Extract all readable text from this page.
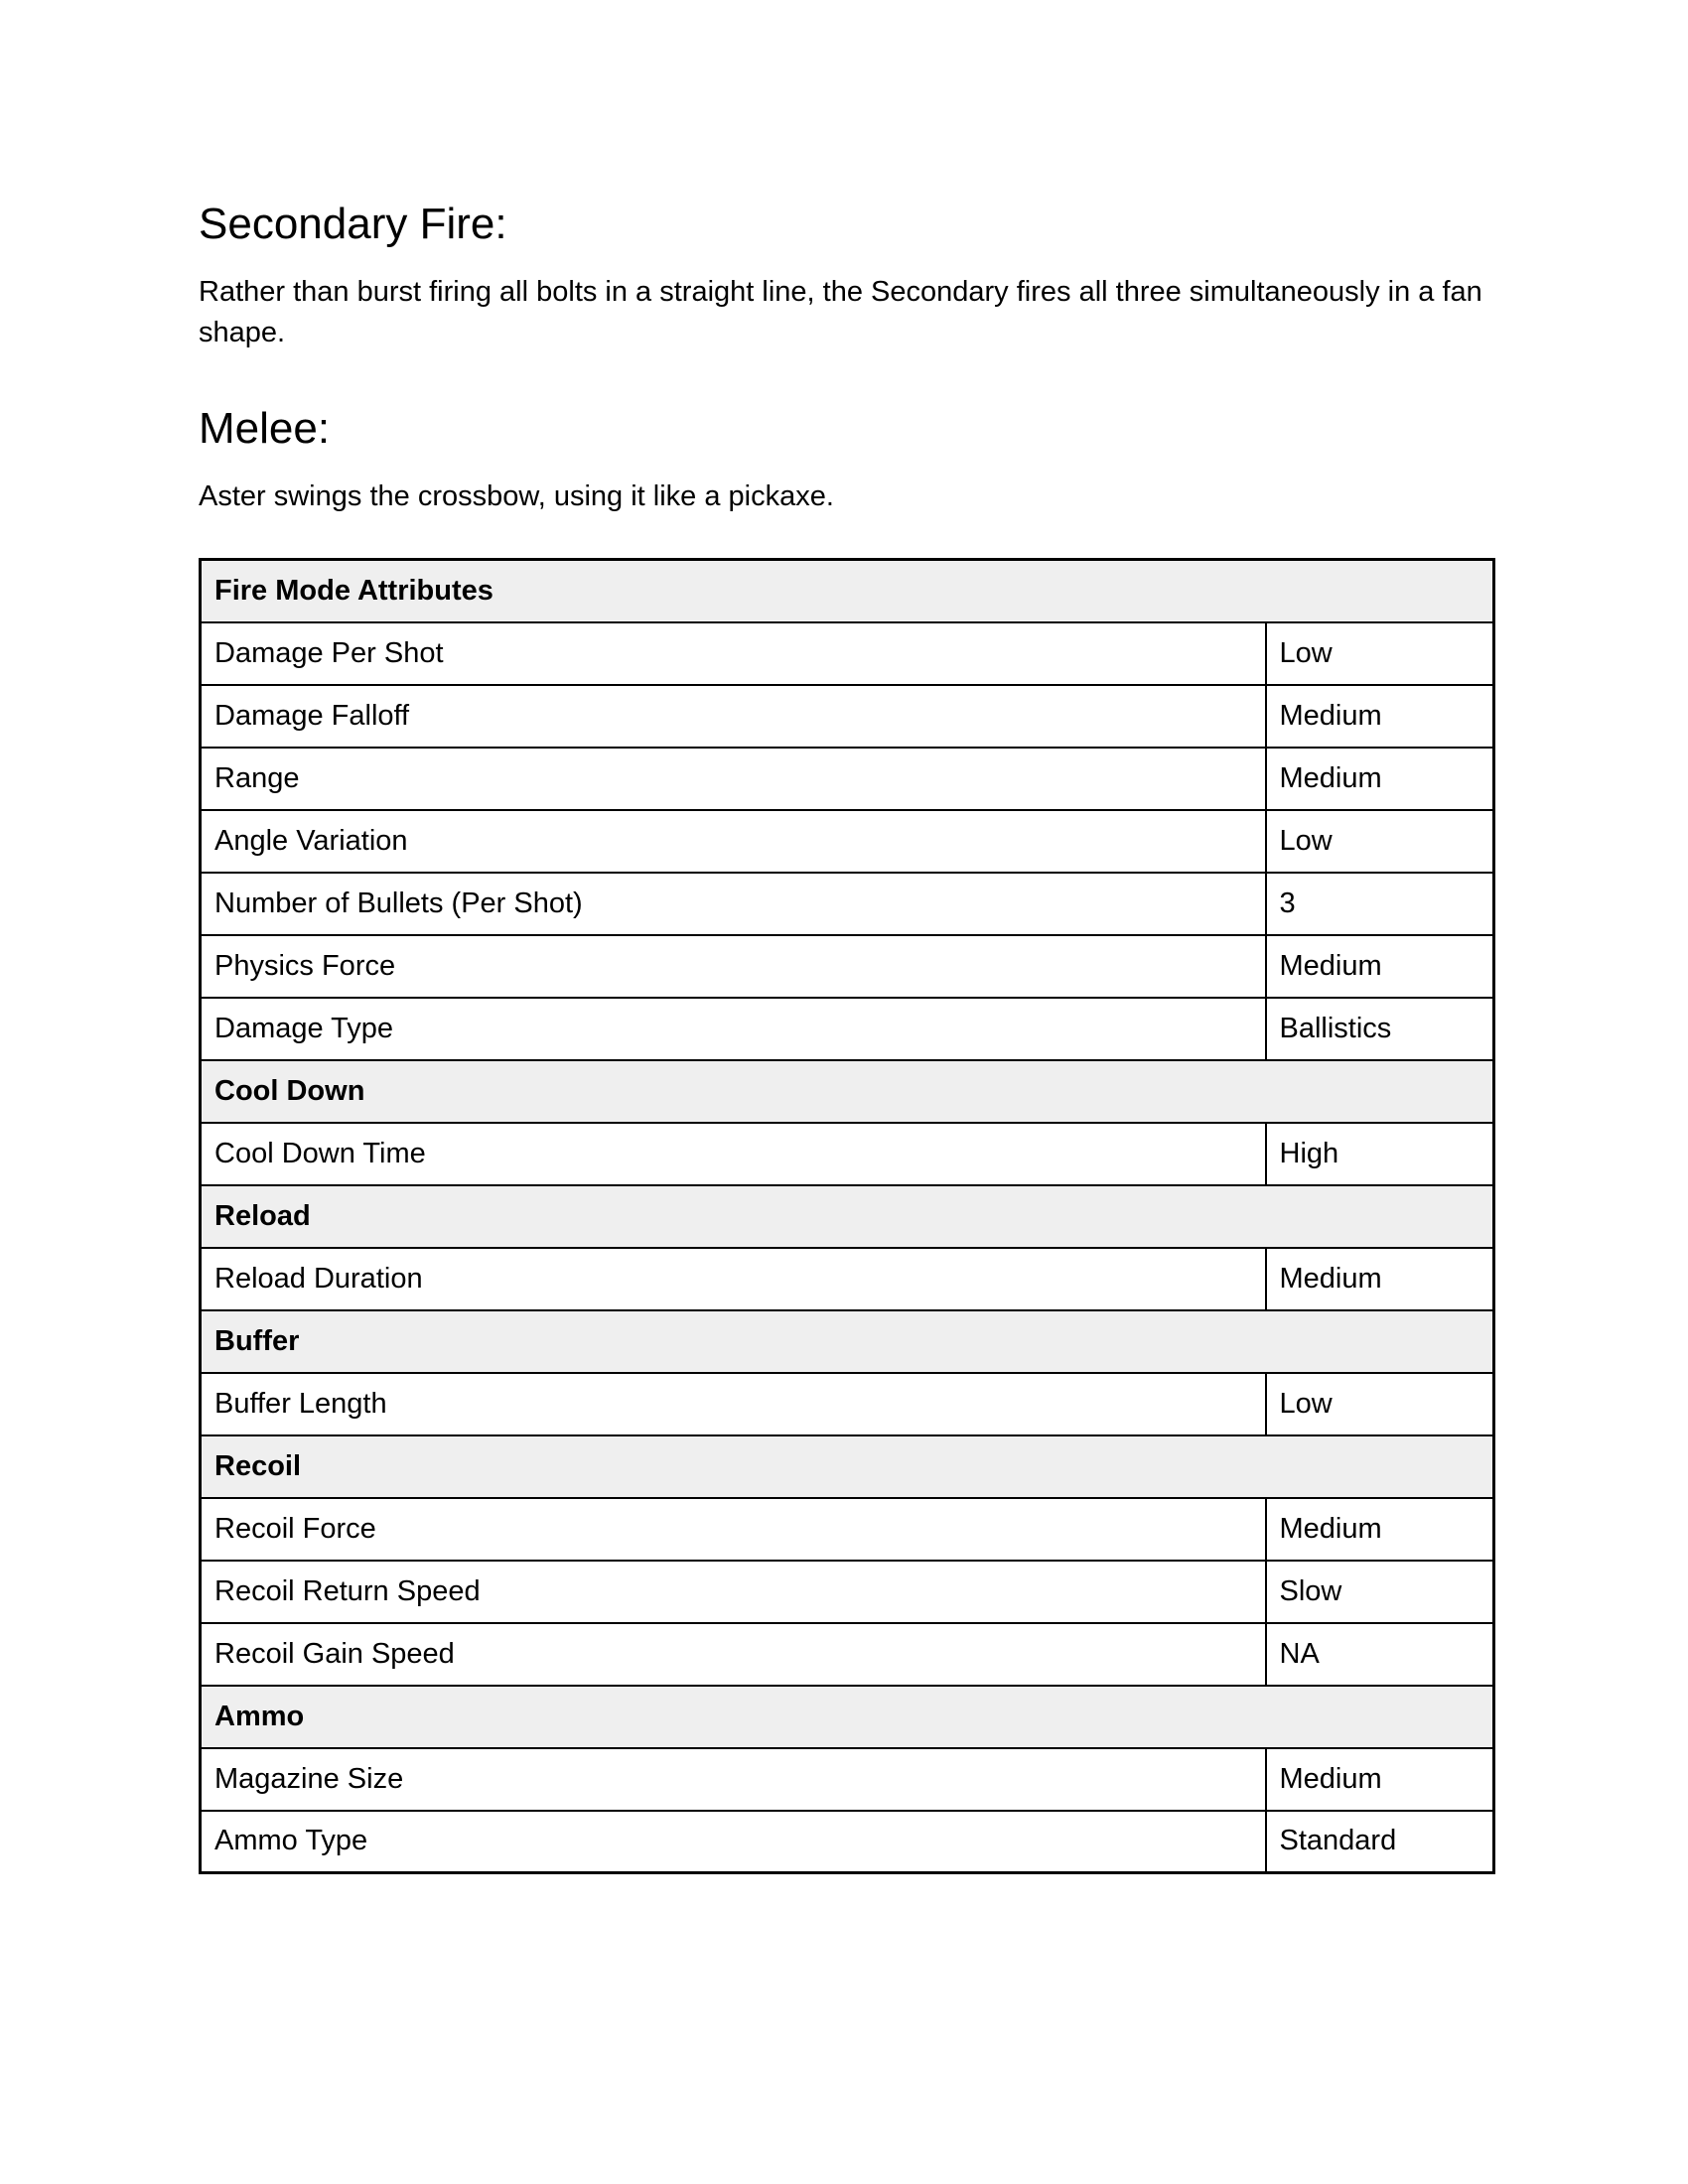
Secondary Fire:

Rather than burst firing all bolts in a straight line, the Secondary fires all three simultaneously in a fan shape.

Melee:

Aster swings the crossbow, using it like a pickaxe.

Fire Mode Attributes	
Damage Per Shot	Low
Damage Falloff	Medium
Range	Medium
Angle Variation	Low
Number of Bullets (Per Shot)	3
Physics Force	Medium
Damage Type	Ballistics
Cool Down	
Cool Down Time	High
Reload	
Reload Duration	Medium
Buffer	
Buffer Length	Low
Recoil	
Recoil Force	Medium
Recoil Return Speed	Slow
Recoil Gain Speed	NA
Ammo	
Magazine Size	Medium
Ammo Type	Standard
